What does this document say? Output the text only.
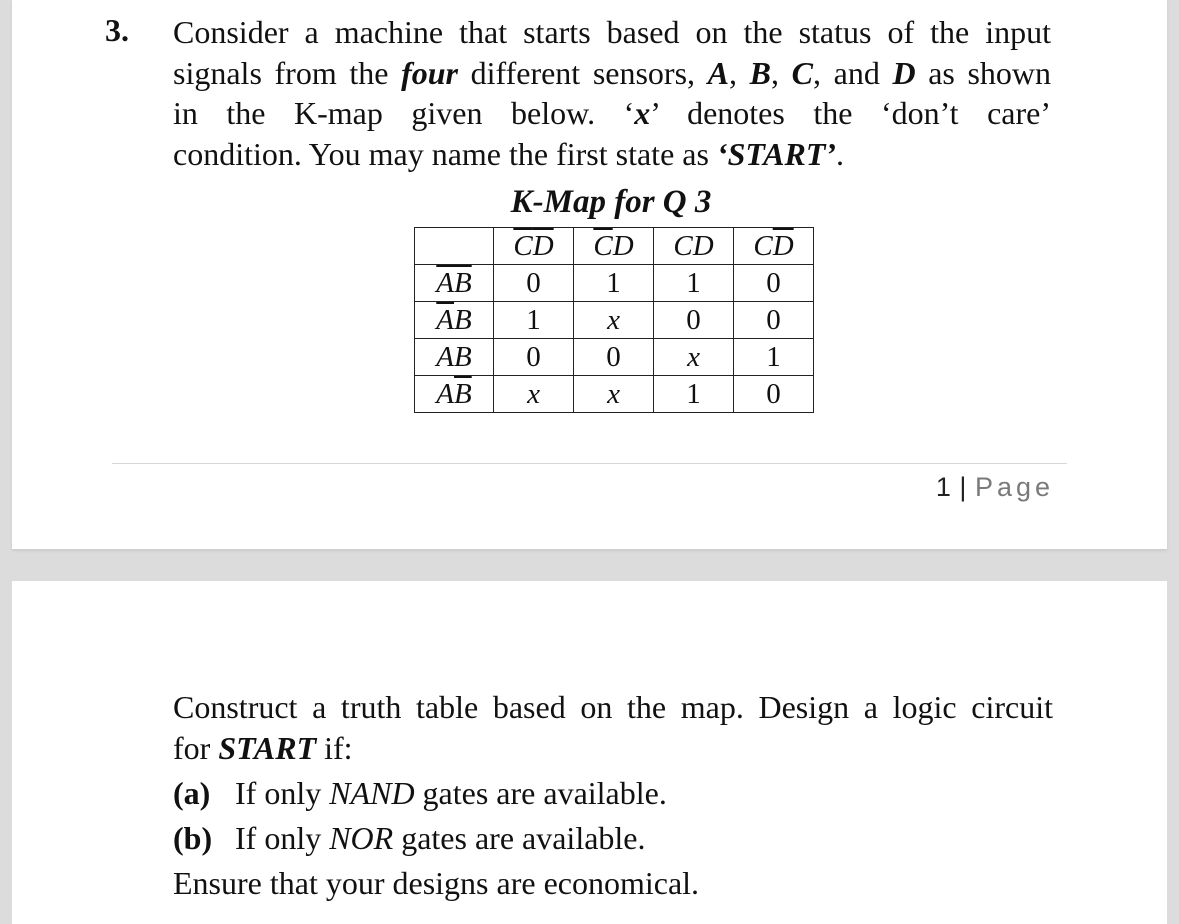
3. Consider a machine that starts based on the status of the input
signals from the four different sensors, A, B, C, and D as shown
in the K-map given below. ‘x’ denotes the ‘don’t care’
condition. You may name the first state as ‘START’.
K-Map for Q 3
	$\overline{C}\overline{D}$	$\overline{C}D$	CD	$C\overline{D}$
$\overline{A}\overline{B}$	0	1	1	0
$\overline{A}B$	1	x	0	0
AB	0	0	x	1
$A\overline{B}$	x	x	1	0
1 | Page
Construct a truth table based on the map. Design a logic circuit
for START if:
(a) If only NAND gates are available.
(b) If only NOR gates are available.
Ensure that your designs are economical.
